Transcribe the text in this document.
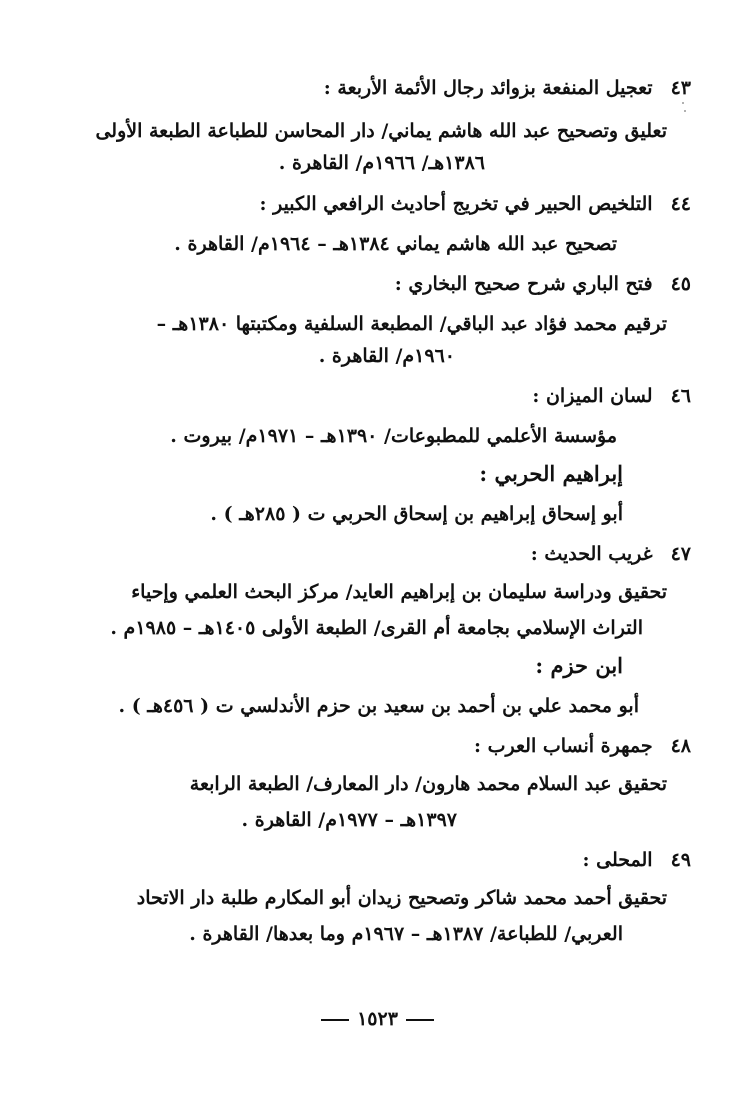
٤٣تعجيل المنفعة بزوائد رجال الأئمة الأربعة :
تعليق وتصحيح عبد الله هاشم يماني/ دار المحاسن للطباعة الطبعة الأولى
١٣٨٦هـ/ ١٩٦٦م/ القاهرة .
٤٤التلخيص الحبير في تخريج أحاديث الرافعي الكبير :
تصحيح عبد الله هاشم يماني ١٣٨٤هـ – ١٩٦٤م/ القاهرة .
٤٥فتح الباري شرح صحيح البخاري :
ترقيم محمد فؤاد عبد الباقي/ المطبعة السلفية ومكتبتها ١٣٨٠هـ –
١٩٦٠م/ القاهرة .
٤٦لسان الميزان :
مؤسسة الأعلمي للمطبوعات/ ١٣٩٠هـ – ١٩٧١م/ بيروت .
إبراهيم الحربي :
أبو إسحاق إبراهيم بن إسحاق الحربي ت ( ٢٨٥هـ ) .
٤٧غريب الحديث :
تحقيق ودراسة سليمان بن إبراهيم العايد/ مركز البحث العلمي وإحياء
التراث الإسلامي بجامعة أم القرى/ الطبعة الأولى ١٤٠٥هـ – ١٩٨٥م .
ابن حزم :
أبو محمد علي بن أحمد بن سعيد بن حزم الأندلسي ت ( ٤٥٦هـ ) .
٤٨جمهرة أنساب العرب :
تحقيق عبد السلام محمد هارون/ دار المعارف/ الطبعة الرابعة
١٣٩٧هـ – ١٩٧٧م/ القاهرة .
٤٩المحلى :
تحقيق أحمد محمد شاكر وتصحيح زيدان أبو المكارم طلبة دار الاتحاد
العربي/ للطباعة/ ١٣٨٧هـ – ١٩٦٧م وما بعدها/ القاهرة .
١٥٢٣
